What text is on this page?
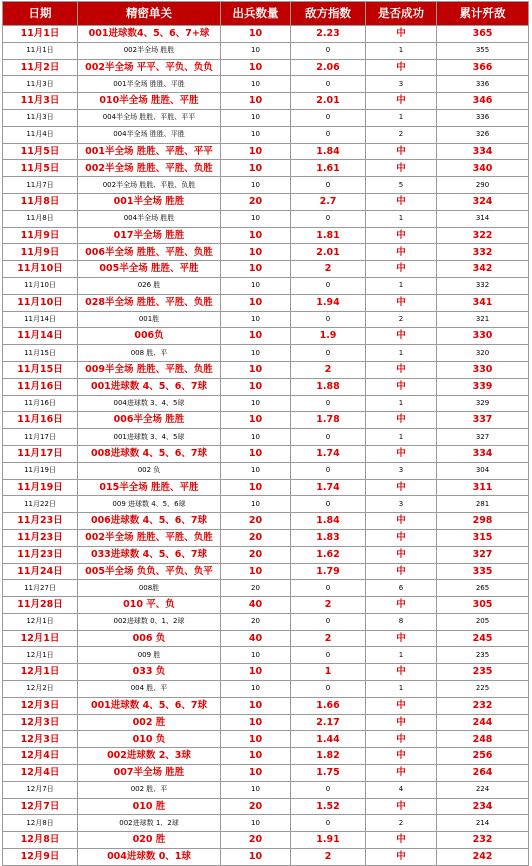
日期	精密单关	出兵数量	敌方指数	是否成功	累计歼敌
11月1日	001进球数4、5、6、7+球	10	2.23	中	365
11月1日	002半全场 胜胜	10	0	1	355
11月2日	002半全场 平平、平负、负负	10	2.06	中	366
11月3日	001半全场 胜胜、平胜	10	0	3	336
11月3日	010半全场 胜胜、平胜	10	2.01	中	346
11月3日	004半全场 胜胜、平胜、平平	10	0	1	336
11月4日	004半全场 胜胜、平胜	10	0	2	326
11月5日	001半全场 胜胜、平胜、平平	10	1.84	中	334
11月5日	002半全场 胜胜、平胜、负胜	10	1.61	中	340
11月7日	002半全场 胜胜、平胜、负胜	10	0	5	290
11月8日	001半全场 胜胜	20	2.7	中	324
11月8日	004半全场 胜胜	10	0	1	314
11月9日	017半全场 胜胜	10	1.81	中	322
11月9日	006半全场 胜胜、平胜、负胜	10	2.01	中	332
11月10日	005半全场 胜胜、平胜	10	2	中	342
11月10日	026 胜	10	0	1	332
11月10日	028半全场 胜胜、平胜、负胜	10	1.94	中	341
11月14日	001胜	10	0	2	321
11月14日	006负	10	1.9	中	330
11月15日	008 胜、平	10	0	1	320
11月15日	009半全场 胜胜、平胜、负胜	10	2	中	330
11月16日	001进球数 4、5、6、7球	10	1.88	中	339
11月16日	004进球数 3、4、5球	10	0	1	329
11月16日	006半全场 胜胜	10	1.78	中	337
11月17日	001进球数 3、4、5球	10	0	1	327
11月17日	008进球数 4、5、6、7球	10	1.74	中	334
11月19日	002 负	10	0	3	304
11月19日	015半全场 胜胜、平胜	10	1.74	中	311
11月22日	009 进球数 4、5、6球	10	0	3	281
11月23日	006进球数 4、5、6、7球	20	1.84	中	298
11月23日	002半全场 胜胜、平胜、负胜	20	1.83	中	315
11月23日	033进球数 4、5、6、7球	20	1.62	中	327
11月24日	005半全场 负负、平负、负平	10	1.79	中	335
11月27日	008胜	20	0	6	265
11月28日	010 平、负	40	2	中	305
12月1日	002进球数 0、1、2球	20	0	8	205
12月1日	006 负	40	2	中	245
12月1日	009 胜	10	0	1	235
12月1日	033 负	10	1	中	235
12月2日	004 胜、平	10	0	1	225
12月3日	001进球数 4、5、6、7球	10	1.66	中	232
12月3日	002 胜	10	2.17	中	244
12月3日	010 负	10	1.44	中	248
12月4日	002进球数 2、3球	10	1.82	中	256
12月4日	007半全场 胜胜	10	1.75	中	264
12月7日	002 胜、平	10	0	4	224
12月7日	010 胜	20	1.52	中	234
12月8日	002进球数 1、2球	10	0	2	214
12月8日	020 胜	20	1.91	中	232
12月9日	004进球数 0、1球	10	2	中	242
